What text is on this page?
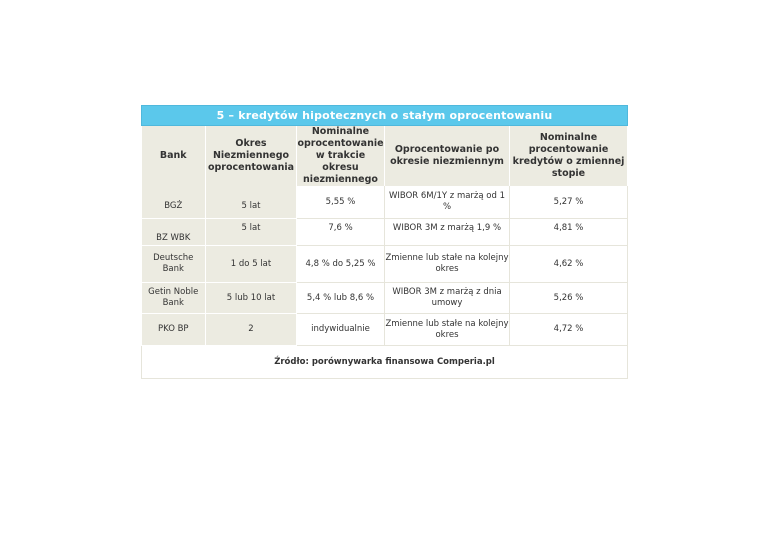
5 – kredytów hipotecznych o stałym oprocentowaniu				
Bank	Okres Niezmiennego oprocentowania	Nominalne oprocentowanie w trakcie okresu niezmiennego	Oprocentowanie po okresie niezmiennym	Nominalne procentowanie kredytów o zmiennej stopie
BGŻ	5 lat	5,55 %	WIBOR 6M/1Y z marżą od 1 %	5,27 %
BZ WBK	5 lat	7,6 %	WIBOR 3M z marżą 1,9 %	4,81 %
Deutsche Bank	1 do 5 lat	4,8 % do 5,25 %	Zmienne lub stałe na kolejny okres	4,62 %
Getin Noble Bank	5 lub 10 lat	5,4 % lub 8,6 %	WIBOR 3M z marżą z dnia umowy	5,26 %
PKO BP	2	indywidualnie	Zmienne lub stałe na kolejny okres	4,72 %
Źródło: porównywarka finansowa Comperia.pl				
